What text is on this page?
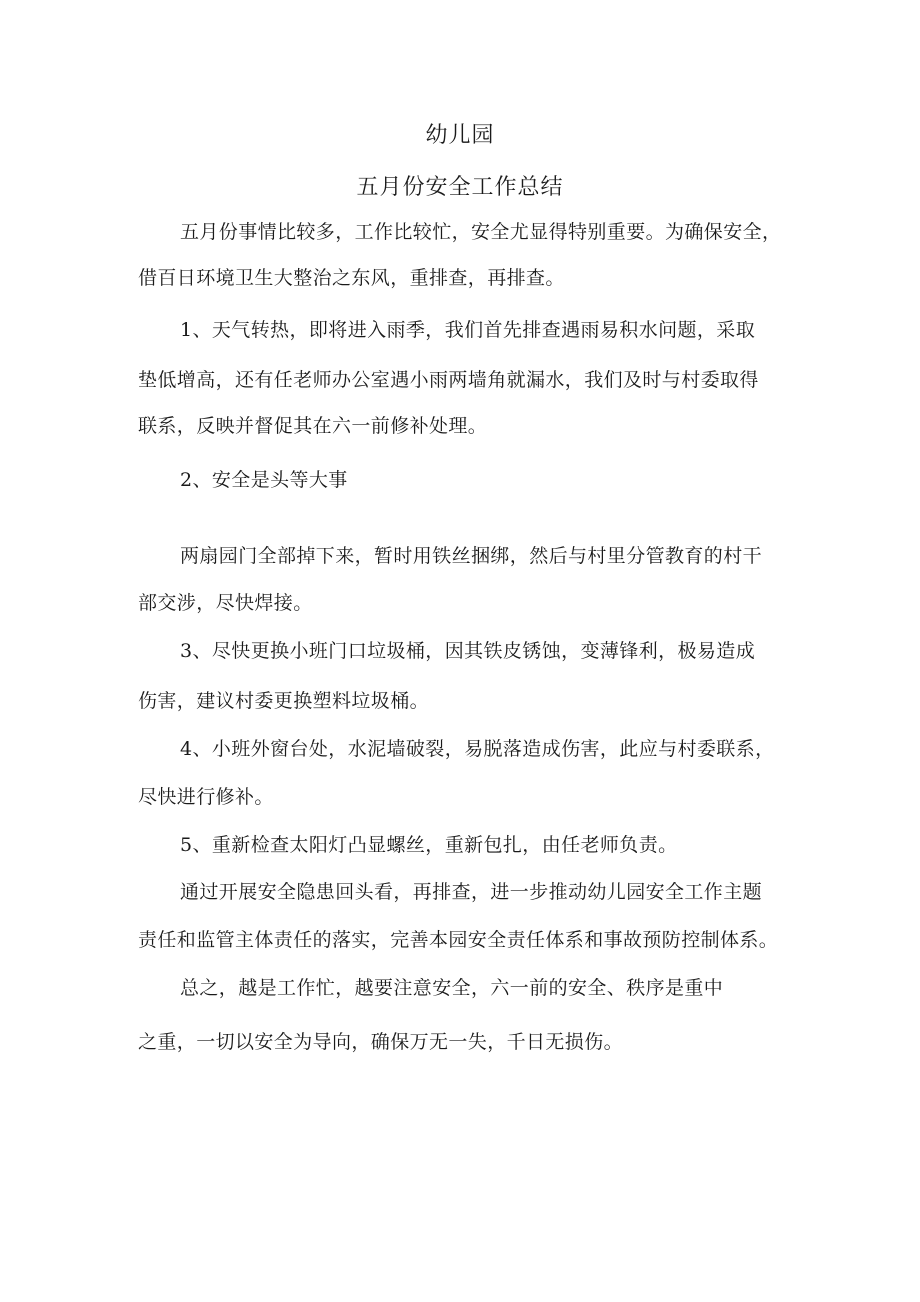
幼儿园
五月份安全工作总结
五月份事情比较多，工作比较忙，安全尤显得特别重要。为确保安全，
借百日环境卫生大整治之东风，重排查，再排查。
1、天气转热，即将进入雨季，我们首先排查遇雨易积水问题，采取
垫低增高，还有任老师办公室遇小雨两墙角就漏水，我们及时与村委取得
联系，反映并督促其在六一前修补处理。
2、安全是头等大事
两扇园门全部掉下来，暂时用铁丝捆绑，然后与村里分管教育的村干
部交涉，尽快焊接。
3、尽快更换小班门口垃圾桶，因其铁皮锈蚀，变薄锋利，极易造成
伤害，建议村委更换塑料垃圾桶。
4、小班外窗台处，水泥墙破裂，易脱落造成伤害，此应与村委联系，
尽快进行修补。
5、重新检查太阳灯凸显螺丝，重新包扎，由任老师负责。
通过开展安全隐患回头看，再排查，进一步推动幼儿园安全工作主题
责任和监管主体责任的落实，完善本园安全责任体系和事故预防控制体系。
总之，越是工作忙，越要注意安全，六一前的安全、秩序是重中
之重，一切以安全为导向，确保万无一失，千日无损伤。
